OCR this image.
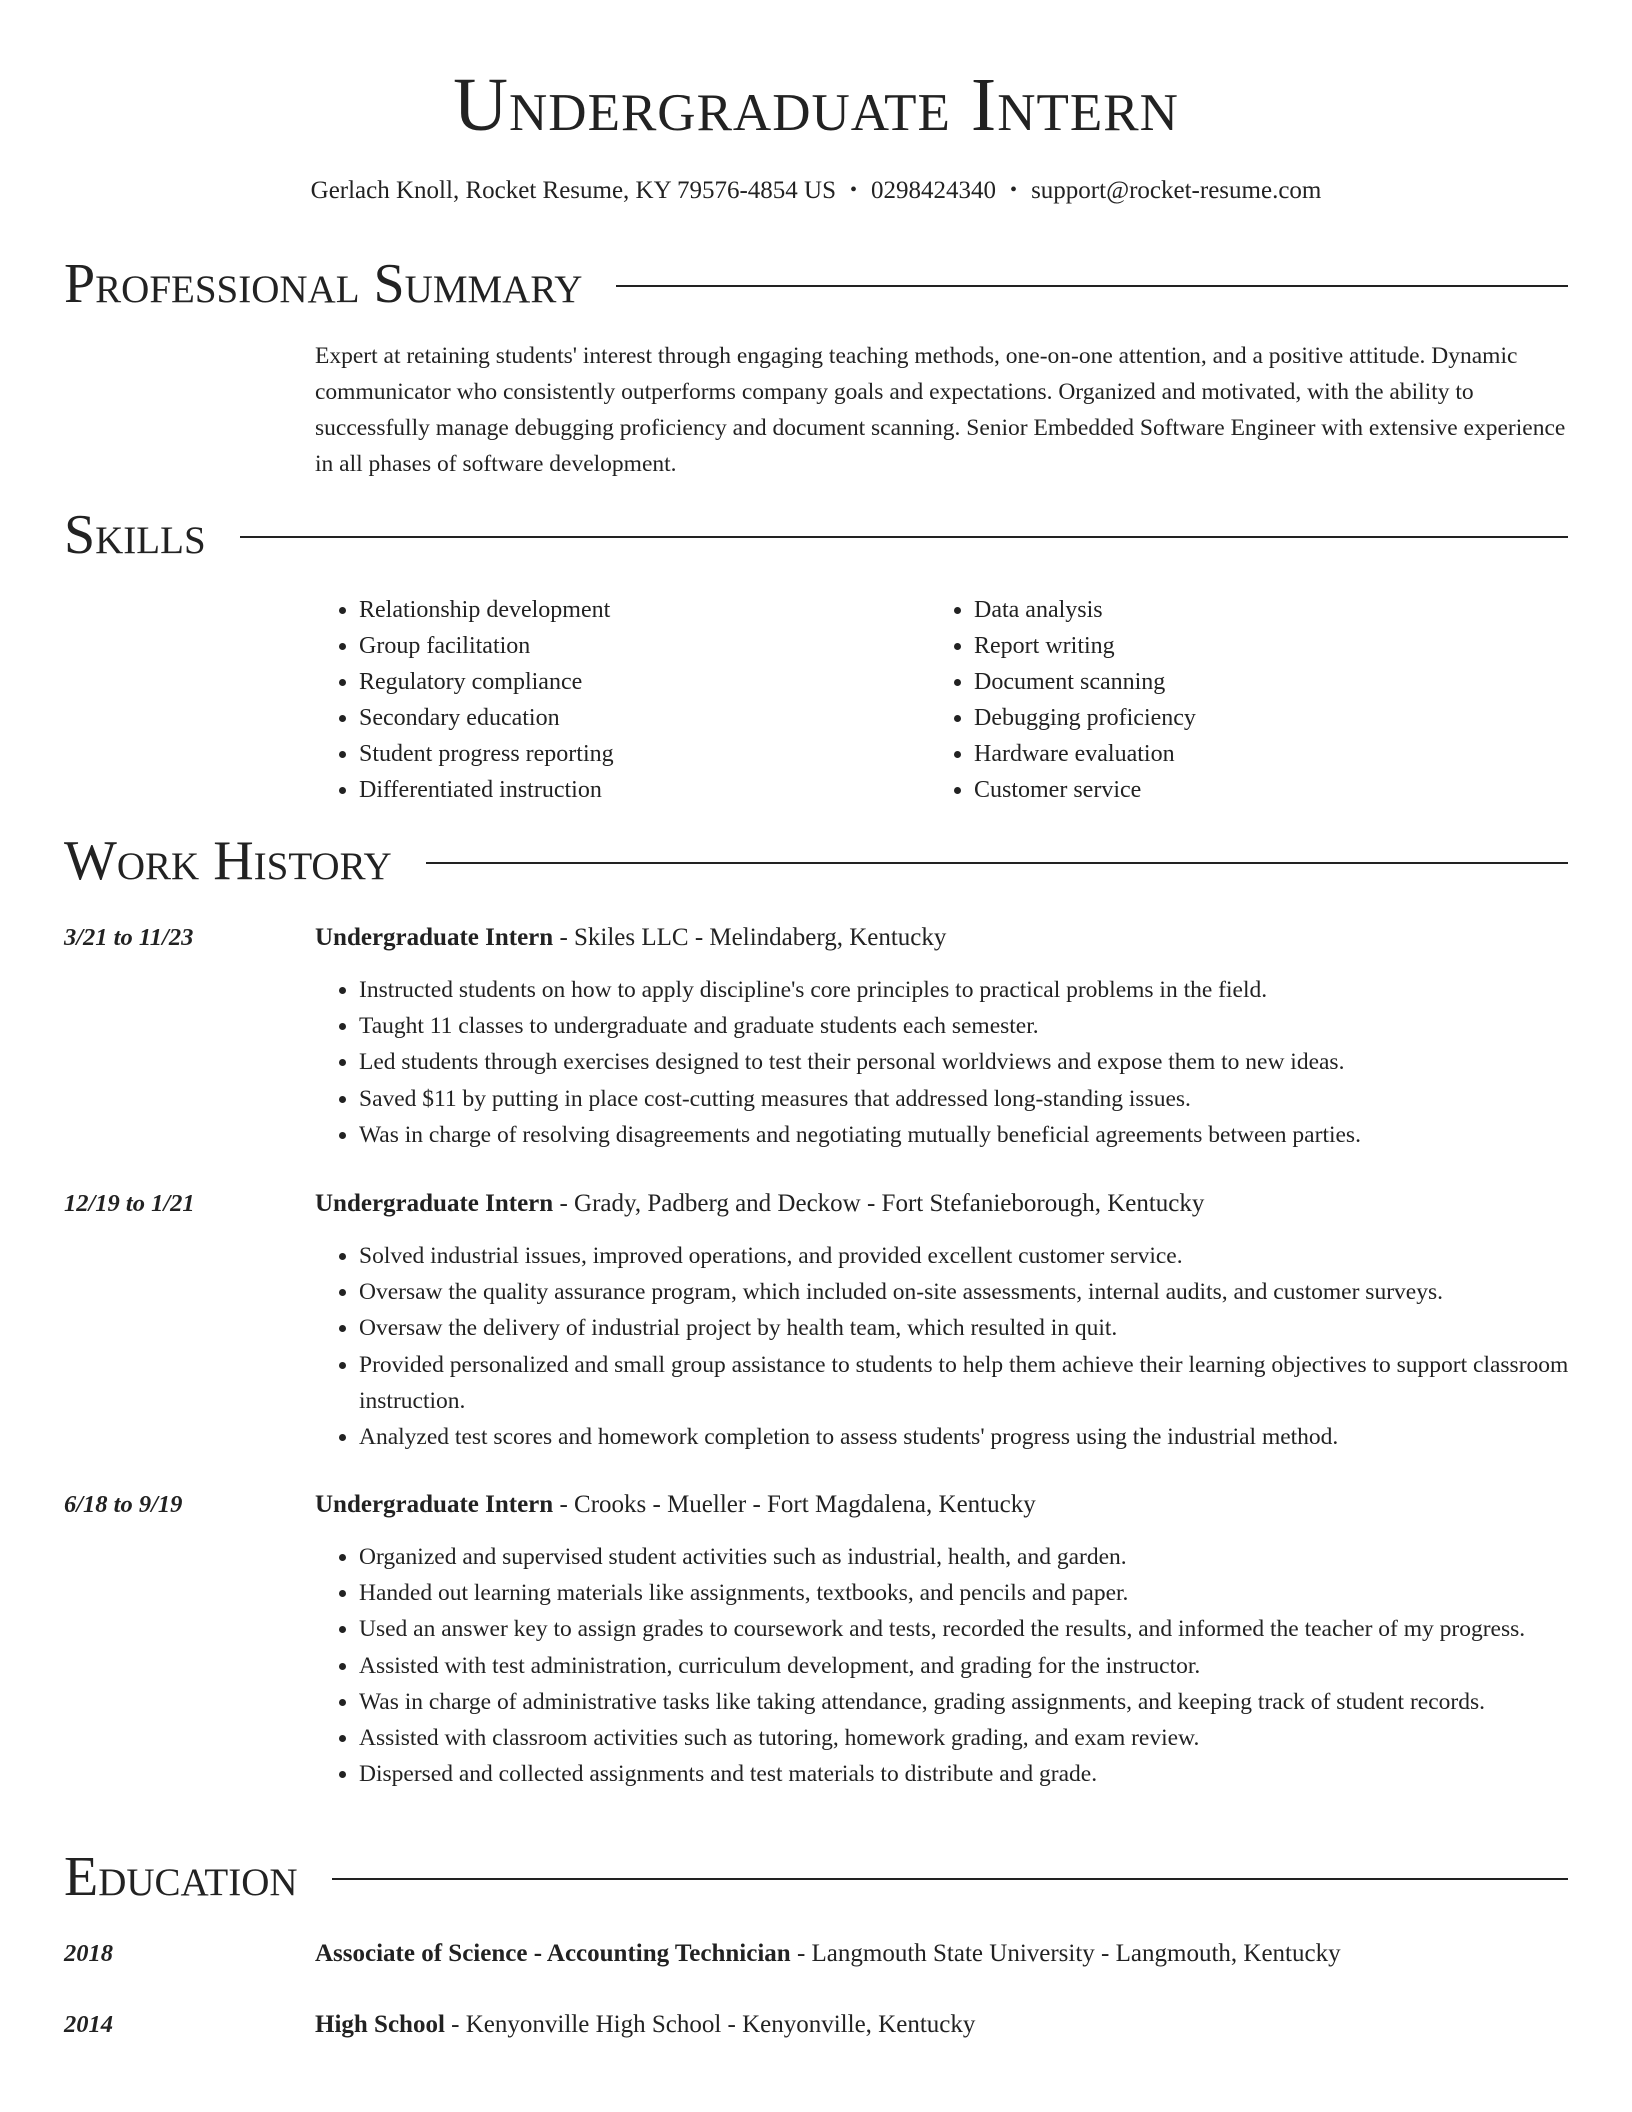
Undergraduate Intern
Gerlach Knoll, Rocket Resume, KY 79576-4854 US • 0298424340 • support@rocket-resume.com
Professional Summary
Expert at retaining students' interest through engaging teaching methods, one-on-one attention, and a positive attitude. Dynamic communicator who consistently outperforms company goals and expectations. Organized and motivated, with the ability to successfully manage debugging proficiency and document scanning. Senior Embedded Software Engineer with extensive experience in all phases of software development.
Skills
• Relationship development
• Group facilitation
• Regulatory compliance
• Secondary education
• Student progress reporting
• Differentiated instruction
• Data analysis
• Report writing
• Document scanning
• Debugging proficiency
• Hardware evaluation
• Customer service
Work History
3/21 to 11/23	Undergraduate Intern - Skiles LLC - Melindaberg, Kentucky
• Instructed students on how to apply discipline's core principles to practical problems in the field.
• Taught 11 classes to undergraduate and graduate students each semester.
• Led students through exercises designed to test their personal worldviews and expose them to new ideas.
• Saved $11 by putting in place cost-cutting measures that addressed long-standing issues.
• Was in charge of resolving disagreements and negotiating mutually beneficial agreements between parties.
12/19 to 1/21	Undergraduate Intern - Grady, Padberg and Deckow - Fort Stefanieborough, Kentucky
• Solved industrial issues, improved operations, and provided excellent customer service.
• Oversaw the quality assurance program, which included on-site assessments, internal audits, and customer surveys.
• Oversaw the delivery of industrial project by health team, which resulted in quit.
• Provided personalized and small group assistance to students to help them achieve their learning objectives to support classroom instruction.
• Analyzed test scores and homework completion to assess students' progress using the industrial method.
6/18 to 9/19	Undergraduate Intern - Crooks - Mueller - Fort Magdalena, Kentucky
• Organized and supervised student activities such as industrial, health, and garden.
• Handed out learning materials like assignments, textbooks, and pencils and paper.
• Used an answer key to assign grades to coursework and tests, recorded the results, and informed the teacher of my progress.
• Assisted with test administration, curriculum development, and grading for the instructor.
• Was in charge of administrative tasks like taking attendance, grading assignments, and keeping track of student records.
• Assisted with classroom activities such as tutoring, homework grading, and exam review.
• Dispersed and collected assignments and test materials to distribute and grade.
Education
2018	Associate of Science - Accounting Technician - Langmouth State University - Langmouth, Kentucky
2014	High School - Kenyonville High School - Kenyonville, Kentucky
